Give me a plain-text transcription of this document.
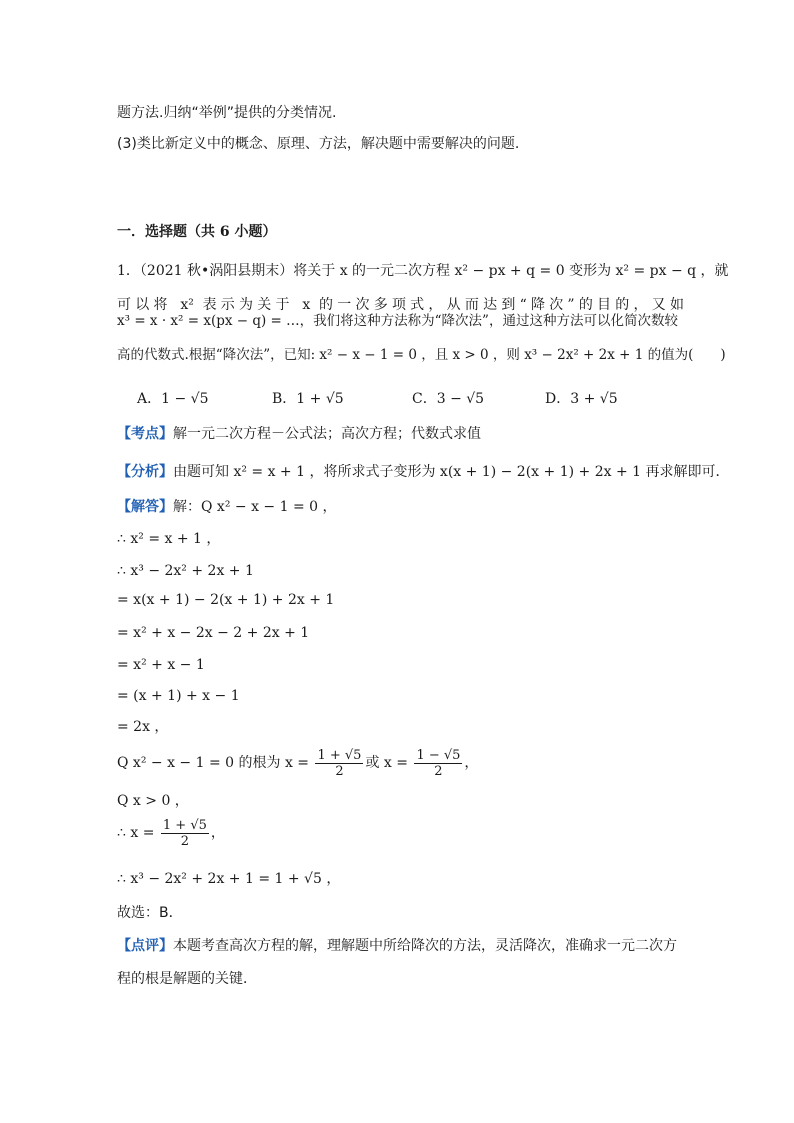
题方法.归纳“举例”提供的分类情况.
(3)类比新定义中的概念、原理、方法，解决题中需要解决的问题.
一．选择题（共 6 小题）
1．（2021 秋•涡阳县期末）将关于 x 的一元二次方程 x² − px + q = 0 变形为 x² = px − q ，就
可以将 x² 表示为关于 x 的一次多项式，从而达到“降次”的目的，又如
x³ = x · x² = x(px − q) = …，我们将这种方法称为“降次法”，通过这种方法可以化简次数较
高的代数式.根据“降次法”，已知: x² − x − 1 = 0 ，且 x > 0 ，则 x³ − 2x² + 2x + 1 的值为(　　)
A．1 − √5	B．1 + √5	C．3 − √5	D．3 + √5
【考点】解一元二次方程－公式法；高次方程；代数式求值
【分析】由题可知 x² = x + 1 ，将所求式子变形为 x(x + 1) − 2(x + 1) + 2x + 1 再求解即可．
【解答】解：Q x² − x − 1 = 0 ，
∴ x² = x + 1 ，
∴ x³ − 2x² + 2x + 1
= x(x + 1) − 2(x + 1) + 2x + 1
= x² + x − 2x − 2 + 2x + 1
= x² + x − 1
= (x + 1) + x − 1
= 2x ，
Q x² − x − 1 = 0 的根为 $x = \frac{1 + √5}{2}$ 或 $x = \frac{1 - √5}{2}$ ，
Q x > 0 ，
∴ $x = \frac{1 + √5}{2}$ ，
∴ x³ − 2x² + 2x + 1 = 1 + √5 ，
故选：B．
【点评】本题考查高次方程的解，理解题中所给降次的方法，灵活降次，准确求一元二次方
程的根是解题的关键．
